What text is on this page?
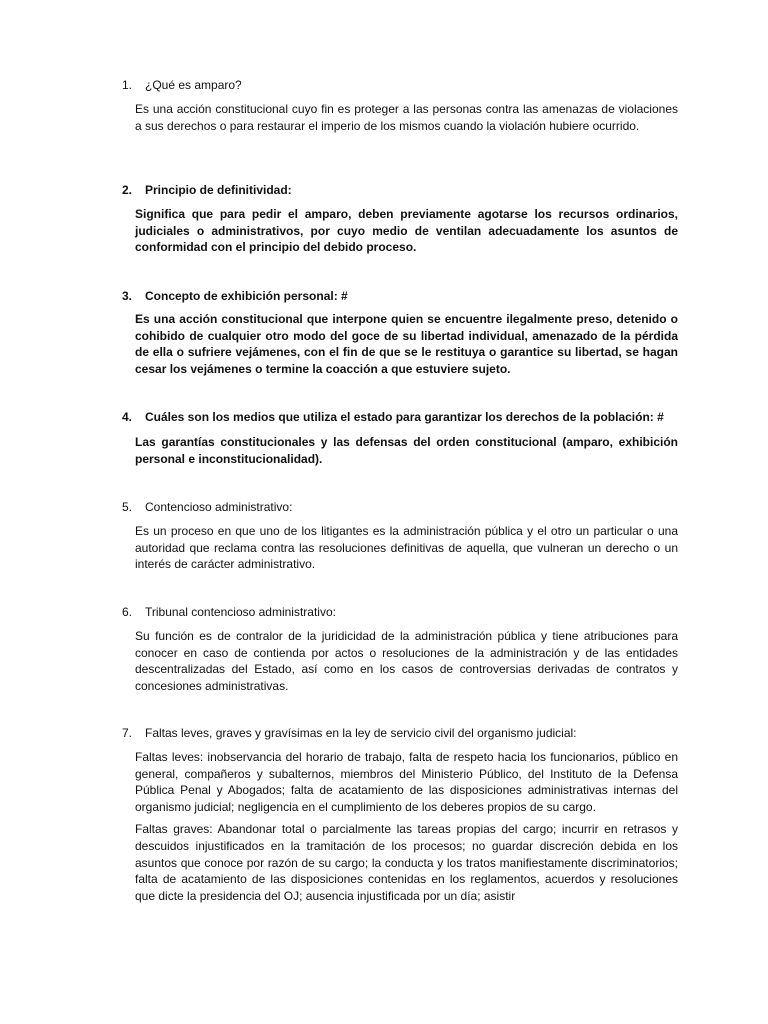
1. ¿Qué es amparo?

Es una acción constitucional cuyo fin es proteger a las personas contra las amenazas de violaciones a sus derechos o para restaurar el imperio de los mismos cuando la violación hubiere ocurrido.

2. Principio de definitividad:

Significa que para pedir el amparo, deben previamente agotarse los recursos ordinarios, judiciales o administrativos, por cuyo medio de ventilan adecuadamente los asuntos de conformidad con el principio del debido proceso.

3. Concepto de exhibición personal: #

Es una acción constitucional que interpone quien se encuentre ilegalmente preso, detenido o cohibido de cualquier otro modo del goce de su libertad individual, amenazado de la pérdida de ella o sufriere vejámenes, con el fin de que se le restituya o garantice su libertad, se hagan cesar los vejámenes o termine la coacción a que estuviere sujeto.

4. Cuáles son los medios que utiliza el estado para garantizar los derechos de la población: #

Las garantías constitucionales y las defensas del orden constitucional (amparo, exhibición personal e inconstitucionalidad).

5. Contencioso administrativo:

Es un proceso en que uno de los litigantes es la administración pública y el otro un particular o una autoridad que reclama contra las resoluciones definitivas de aquella, que vulneran un derecho o un interés de carácter administrativo.

6. Tribunal contencioso administrativo:

Su función es de contralor de la juridicidad de la administración pública y tiene atribuciones para conocer en caso de contienda por actos o resoluciones de la administración y de las entidades descentralizadas del Estado, así como en los casos de controversias derivadas de contratos y concesiones administrativas.

7. Faltas leves, graves y gravísimas en la ley de servicio civil del organismo judicial:

Faltas leves: inobservancia del horario de trabajo, falta de respeto hacia los funcionarios, público en general, compañeros y subalternos, miembros del Ministerio Público, del Instituto de la Defensa Pública Penal y Abogados; falta de acatamiento de las disposiciones administrativas internas del organismo judicial; negligencia en el cumplimiento de los deberes propios de su cargo.

Faltas graves: Abandonar total o parcialmente las tareas propias del cargo; incurrir en retrasos y descuidos injustificados en la tramitación de los procesos; no guardar discreción debida en los asuntos que conoce por razón de su cargo; la conducta y los tratos manifiestamente discriminatorios; falta de acatamiento de las disposiciones contenidas en los reglamentos, acuerdos y resoluciones que dicte la presidencia del OJ; ausencia injustificada por un día; asistir
